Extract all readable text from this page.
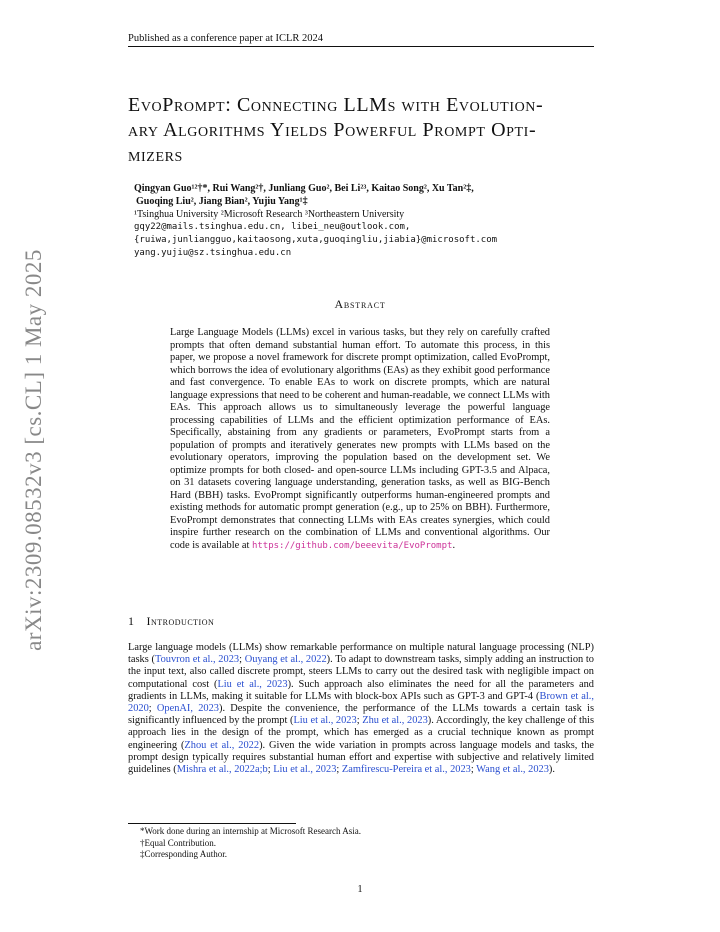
Published as a conference paper at ICLR 2024
arXiv:2309.08532v3 [cs.CL] 1 May 2025
EvoPrompt: Connecting LLMs with Evolution-
ary Algorithms Yields Powerful Prompt Opti-
mizers
Qingyan Guo¹²†*, Rui Wang²†, Junliang Guo², Bei Li²³, Kaitao Song², Xu Tan²‡,
Guoqing Liu², Jiang Bian², Yujiu Yang¹‡
¹Tsinghua University ²Microsoft Research ³Northeastern University
gqy22@mails.tsinghua.edu.cn, libei_neu@outlook.com,
{ruiwa,junliangguo,kaitaosong,xuta,guoqingliu,jiabia}@microsoft.com
yang.yujiu@sz.tsinghua.edu.cn
Abstract
Large Language Models (LLMs) excel in various tasks, but they rely on carefully crafted prompts that often demand substantial human effort. To automate this process, in this paper, we propose a novel framework for discrete prompt optimization, called EvoPrompt, which borrows the idea of evolutionary algorithms (EAs) as they exhibit good performance and fast convergence. To enable EAs to work on discrete prompts, which are natural language expressions that need to be coherent and human-readable, we connect LLMs with EAs. This approach allows us to simultaneously leverage the powerful language processing capabilities of LLMs and the efficient optimization performance of EAs. Specifically, abstaining from any gradients or parameters, EvoPrompt starts from a population of prompts and iteratively generates new prompts with LLMs based on the evolutionary operators, improving the population based on the development set. We optimize prompts for both closed- and open-source LLMs including GPT-3.5 and Alpaca, on 31 datasets covering language understanding, generation tasks, as well as BIG-Bench Hard (BBH) tasks. EvoPrompt significantly outperforms human-engineered prompts and existing methods for automatic prompt generation (e.g., up to 25% on BBH). Furthermore, EvoPrompt demonstrates that connecting LLMs with EAs creates synergies, which could inspire further research on the combination of LLMs and conventional algorithms. Our code is available at https://github.com/beeevita/EvoPrompt.
1 Introduction
Large language models (LLMs) show remarkable performance on multiple natural language processing (NLP) tasks (Touvron et al., 2023; Ouyang et al., 2022). To adapt to downstream tasks, simply adding an instruction to the input text, also called discrete prompt, steers LLMs to carry out the desired task with negligible impact on computational cost (Liu et al., 2023). Such approach also eliminates the need for all the parameters and gradients in LLMs, making it suitable for LLMs with block-box APIs such as GPT-3 and GPT-4 (Brown et al., 2020; OpenAI, 2023). Despite the convenience, the performance of the LLMs towards a certain task is significantly influenced by the prompt (Liu et al., 2023; Zhu et al., 2023). Accordingly, the key challenge of this approach lies in the design of the prompt, which has emerged as a crucial technique known as prompt engineering (Zhou et al., 2022). Given the wide variation in prompts across language models and tasks, the prompt design typically requires substantial human effort and expertise with subjective and relatively limited guidelines (Mishra et al., 2022a;b; Liu et al., 2023; Zamfirescu-Pereira et al., 2023; Wang et al., 2023).
*Work done during an internship at Microsoft Research Asia.
†Equal Contribution.
‡Corresponding Author.
1
